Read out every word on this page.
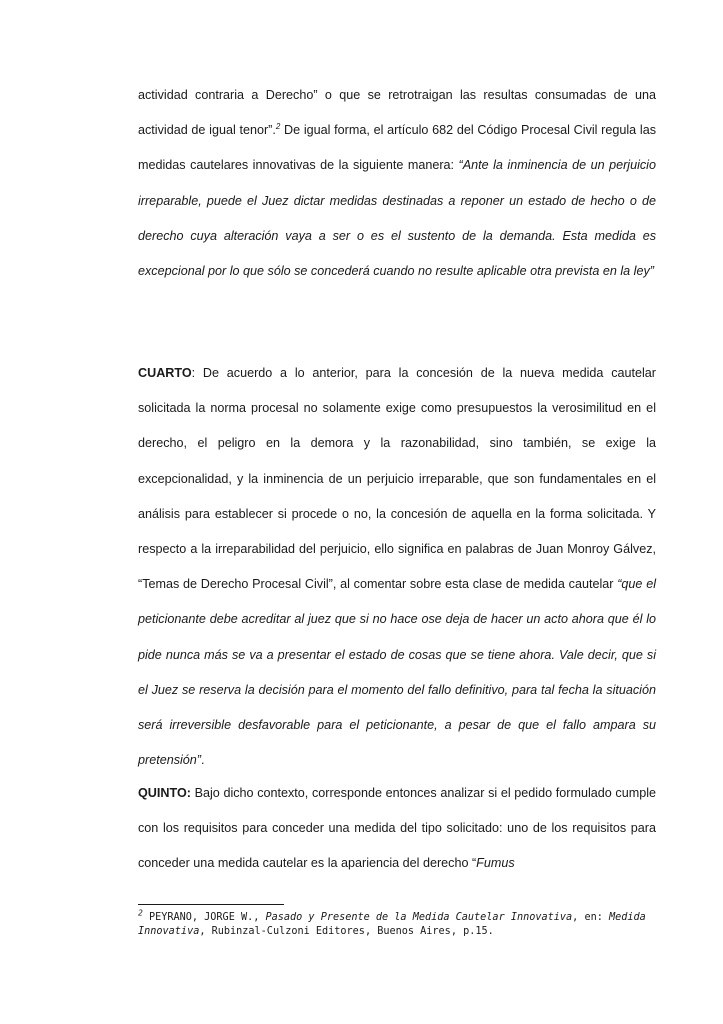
actividad contraria a Derecho” o que se retrotraigan las resultas consumadas de una actividad de igual tenor”.$^2$ De igual forma, el artículo 682 del Código Procesal Civil regula las medidas cautelares innovativas de la siguiente manera: “Ante la inminencia de un perjuicio irreparable, puede el Juez dictar medidas destinadas a reponer un estado de hecho o de derecho cuya alteración vaya a ser o es el sustento de la demanda. Esta medida es excepcional por lo que sólo se concederá cuando no resulte aplicable otra prevista en la ley”

CUARTO: De acuerdo a lo anterior, para la concesión de la nueva medida cautelar solicitada la norma procesal no solamente exige como presupuestos la verosimilitud en el derecho, el peligro en la demora y la razonabilidad, sino también, se exige la excepcionalidad, y la inminencia de un perjuicio irreparable, que son fundamentales en el análisis para establecer si procede o no, la concesión de aquella en la forma solicitada. Y respecto a la irreparabilidad del perjuicio, ello significa en palabras de Juan Monroy Gálvez, “Temas de Derecho Procesal Civil”, al comentar sobre esta clase de medida cautelar “que el peticionante debe acreditar al juez que si no hace ose deja de hacer un acto ahora que él lo pide nunca más se va a presentar el estado de cosas que se tiene ahora. Vale decir, que si el Juez se reserva la decisión para el momento del fallo definitivo, para tal fecha la situación será irreversible desfavorable para el peticionante, a pesar de que el fallo ampara su pretensión”.

QUINTO: Bajo dicho contexto, corresponde entonces analizar si el pedido formulado cumple con los requisitos para conceder una medida del tipo solicitado: uno de los requisitos para conceder una medida cautelar es la apariencia del derecho “Fumus

$^2$ PEYRANO, JORGE W., Pasado y Presente de la Medida Cautelar Innovativa, en: Medida Innovativa, Rubinzal-Culzoni Editores, Buenos Aires, p.15.
